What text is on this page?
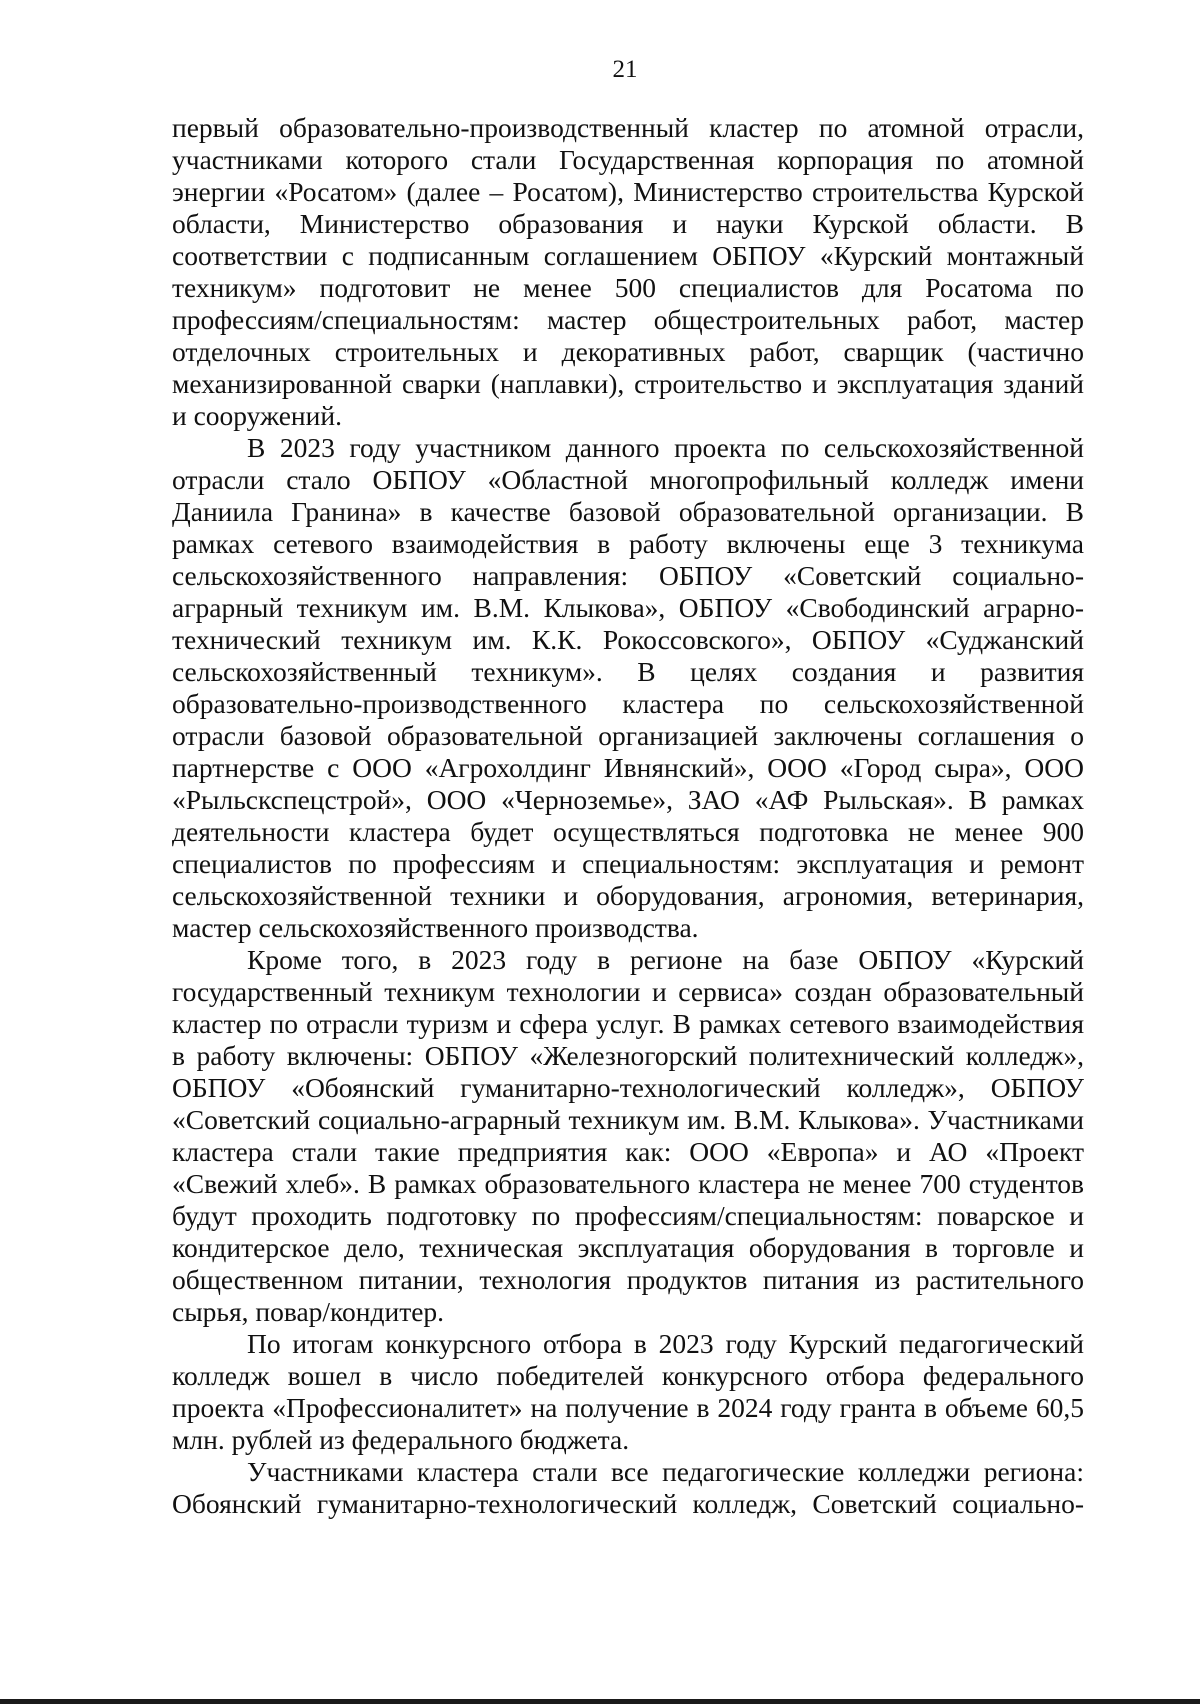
21

первый образовательно-производственный кластер по атомной отрасли, участниками которого стали Государственная корпорация по атомной энергии «Росатом» (далее – Росатом), Министерство строительства Курской области, Министерство образования и науки Курской области. В соответствии с подписанным соглашением ОБПОУ «Курский монтажный техникум» подготовит не менее 500 специалистов для Росатома по профессиям/специальностям: мастер общестроительных работ, мастер отделочных строительных и декоративных работ, сварщик (частично механизированной сварки (наплавки), строительство и эксплуатация зданий и сооружений.

В 2023 году участником данного проекта по сельскохозяйственной отрасли стало ОБПОУ «Областной многопрофильный колледж имени Даниила Гранина» в качестве базовой образовательной организации. В рамках сетевого взаимодействия в работу включены еще 3 техникума сельскохозяйственного направления: ОБПОУ «Советский социально-аграрный техникум им. В.М. Клыкова», ОБПОУ «Свободинский аграрно-технический техникум им. К.К. Рокоссовского», ОБПОУ «Суджанский сельскохозяйственный техникум». В целях создания и развития образовательно-производственного кластера по сельскохозяйственной отрасли базовой образовательной организацией заключены соглашения о партнерстве с ООО «Агрохолдинг Ивнянский», ООО «Город сыра», ООО «Рыльскспецстрой», ООО «Черноземье», ЗАО «АФ Рыльская». В рамках деятельности кластера будет осуществляться подготовка не менее 900 специалистов по профессиям и специальностям: эксплуатация и ремонт сельскохозяйственной техники и оборудования, агрономия, ветеринария, мастер сельскохозяйственного производства.

Кроме того, в 2023 году в регионе на базе ОБПОУ «Курский государственный техникум технологии и сервиса» создан образовательный кластер по отрасли туризм и сфера услуг. В рамках сетевого взаимодействия в работу включены: ОБПОУ «Железногорский политехнический колледж», ОБПОУ «Обоянский гуманитарно-технологический колледж», ОБПОУ «Советский социально-аграрный техникум им. В.М. Клыкова». Участниками кластера стали такие предприятия как: ООО «Европа» и АО «Проект «Свежий хлеб». В рамках образовательного кластера не менее 700 студентов будут проходить подготовку по профессиям/специальностям: поварское и кондитерское дело, техническая эксплуатация оборудования в торговле и общественном питании, технология продуктов питания из растительного сырья, повар/кондитер.

По итогам конкурсного отбора в 2023 году Курский педагогический колледж вошел в число победителей конкурсного отбора федерального проекта «Профессионалитет» на получение в 2024 году гранта в объеме 60,5 млн. рублей из федерального бюджета.

Участниками кластера стали все педагогические колледжи региона: Обоянский гуманитарно-технологический колледж, Советский социально-
